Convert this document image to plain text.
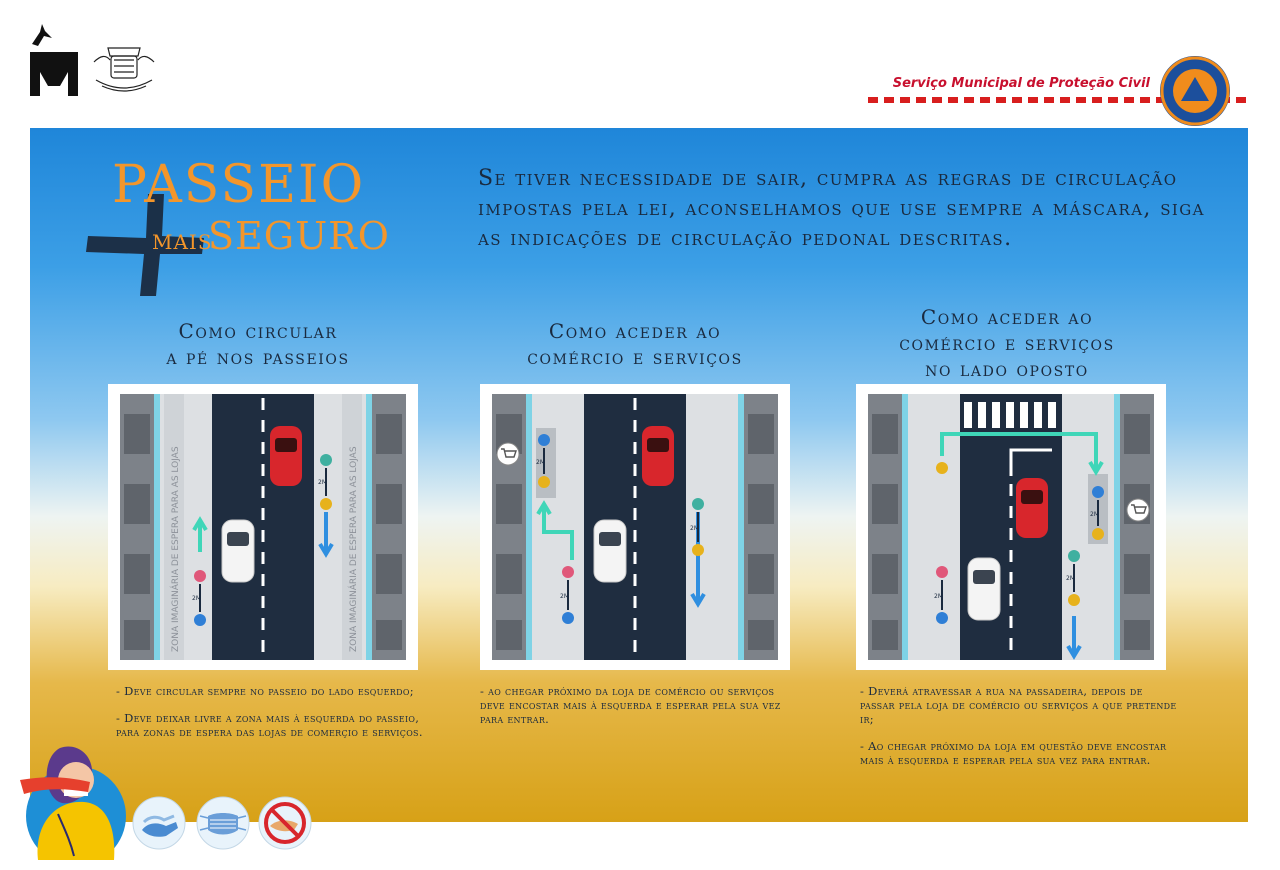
Serviço Municipal de Proteção Civil
PASSEIO
MAIS
SEGURO
Se tiver necessidade de sair, cumpra as regras de circulação impostas pela lei, aconselhamos que use sempre a máscara, siga as indicações de circulação pedonal descritas.
Como circular
a pé nos passeios
Como aceder ao
comércio e serviços
Como aceder ao
comércio e serviços
no lado oposto
2M
2M
ZONA IMAGINÁRIA DE ESPERA PARA AS LOJAS	ZONA IMAGINÁRIA DE ESPERA PARA AS LOJAS	2M
2M
2M
2M
2M
2M

- Deve circular sempre no passeio do lado esquerdo;

- Deve deixar livre a zona mais à esquerda do passeio, para zonas de espera das lojas de comerçio e serviços.

- ao chegar próximo da loja de comércio ou serviços deve encostar mais à esquerda e esperar pela sua vez para entrar.

- Deverá atravessar a rua na passadeira, depois de passar pela loja de comércio ou serviços a que pretende ir;

- Ao chegar próximo da loja em questão deve encostar mais à esquerda e esperar pela sua vez para entrar.
